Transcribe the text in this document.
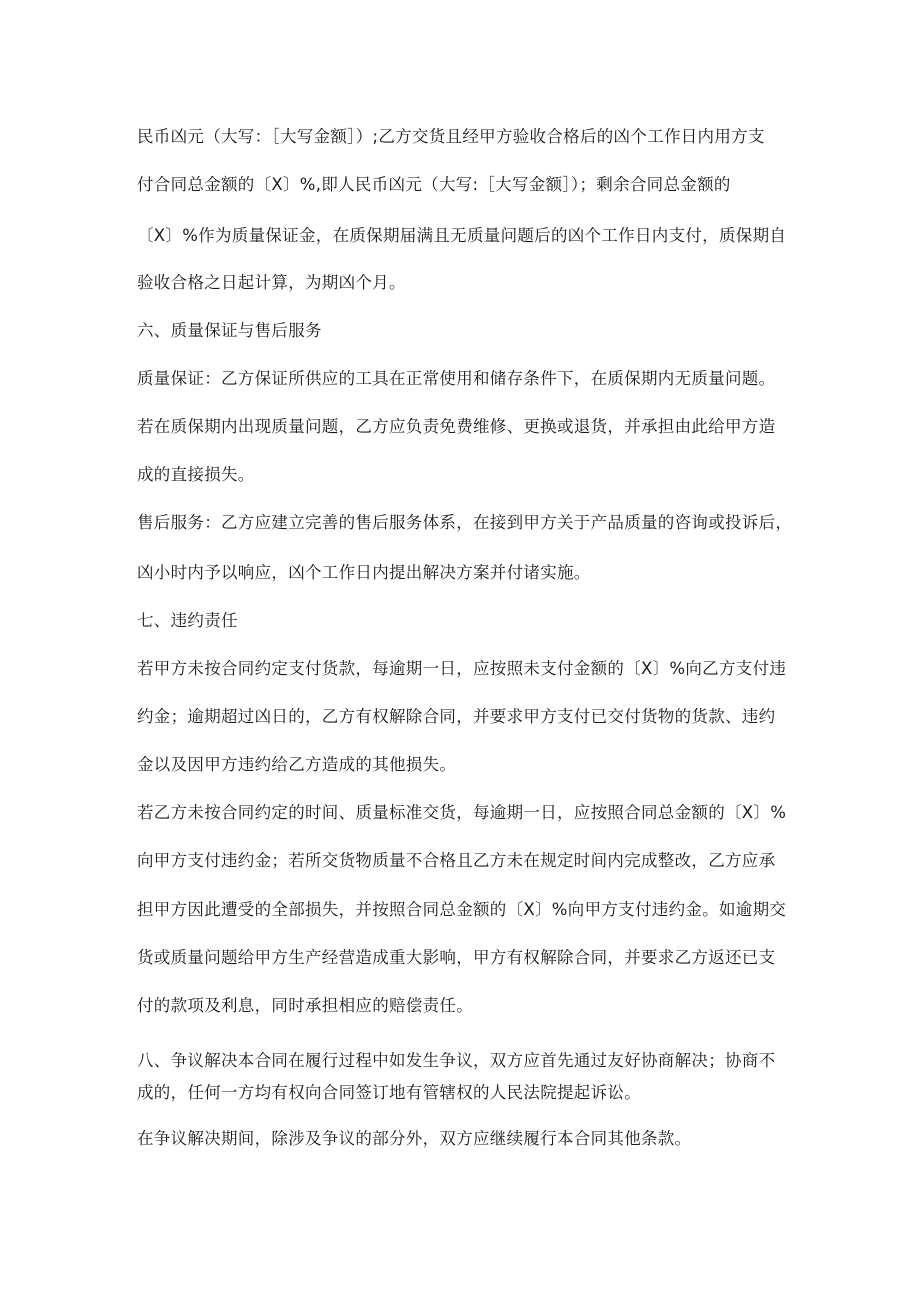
民币凶元（大写：［大写金额］）;乙方交货且经甲方验收合格后的凶个工作日内用方支
付合同总金额的〔X〕%,即人民币凶元（大写:［大写金额］）；剩余合同总金额的
〔X〕%作为质量保证金，在质保期届满且无质量问题后的凶个工作日内支付，质保期自
验收合格之日起计算，为期凶个月。
六、质量保证与售后服务
质量保证：乙方保证所供应的工具在正常使用和储存条件下，在质保期内无质量问题。
若在质保期内出现质量问题，乙方应负责免费维修、更换或退货，并承担由此给甲方造
成的直接损失。
售后服务：乙方应建立完善的售后服务体系，在接到甲方关于产品质量的咨询或投诉后，
凶小时内予以响应，凶个工作日内提出解决方案并付诸实施。
七、违约责任
若甲方未按合同约定支付货款，每逾期一日，应按照未支付金额的〔X〕%向乙方支付违
约金；逾期超过凶日的，乙方有权解除合同，并要求甲方支付已交付货物的货款、违约
金以及因甲方违约给乙方造成的其他损失。
若乙方未按合同约定的时间、质量标准交货，每逾期一日，应按照合同总金额的〔X〕%
向甲方支付违约金；若所交货物质量不合格且乙方未在规定时间内完成整改，乙方应承
担甲方因此遭受的全部损失，并按照合同总金额的〔X〕%向甲方支付违约金。如逾期交
货或质量问题给甲方生产经营造成重大影响，甲方有权解除合同，并要求乙方返还已支
付的款项及利息，同时承担相应的赔偿责任。
八、争议解决本合同在履行过程中如发生争议，双方应首先通过友好协商解决；协商不
成的，任何一方均有权向合同签订地有管辖权的人民法院提起诉讼。
在争议解决期间，除涉及争议的部分外，双方应继续履行本合同其他条款。
